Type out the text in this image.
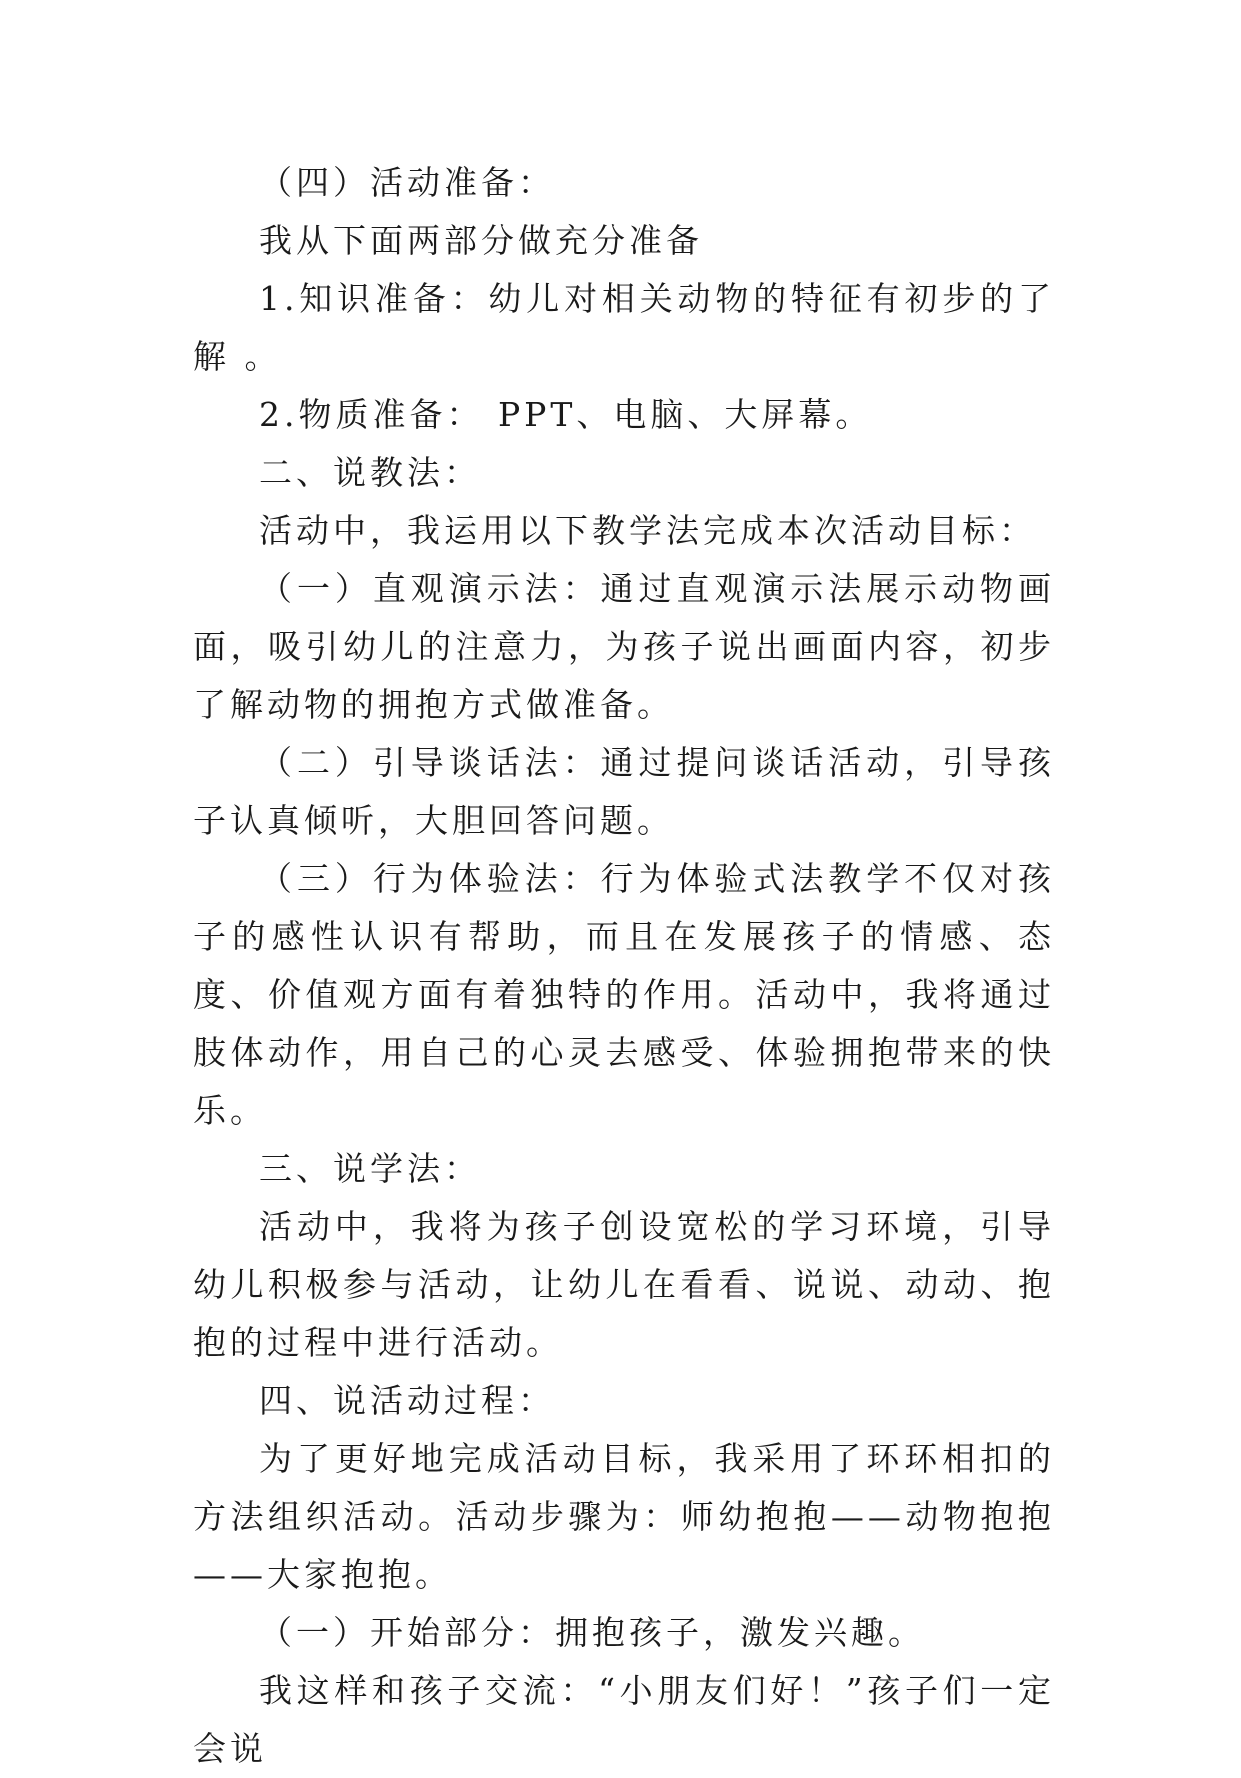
（四）活动准备：

我从下面两部分做充分准备

1.知识准备：幼儿对相关动物的特征有初步的了解 。

2.物质准备： PPT、电脑、大屏幕。

二、说教法：

活动中，我运用以下教学法完成本次活动目标：

（一）直观演示法：通过直观演示法展示动物画面，吸引幼儿的注意力，为孩子说出画面内容，初步了解动物的拥抱方式做准备。

（二）引导谈话法：通过提问谈话活动，引导孩子认真倾听，大胆回答问题。

（三）行为体验法：行为体验式法教学不仅对孩子的感性认识有帮助，而且在发展孩子的情感、态度、价值观方面有着独特的作用。活动中，我将通过肢体动作，用自己的心灵去感受、体验拥抱带来的快乐。

三、说学法：

活动中，我将为孩子创设宽松的学习环境，引导幼儿积极参与活动，让幼儿在看看、说说、动动、抱抱的过程中进行活动。

四、说活动过程：

为了更好地完成活动目标，我采用了环环相扣的方法组织活动。活动步骤为：师幼抱抱——动物抱抱——大家抱抱。

（一）开始部分：拥抱孩子，激发兴趣。

我这样和孩子交流：“小朋友们好！”孩子们一定会说
